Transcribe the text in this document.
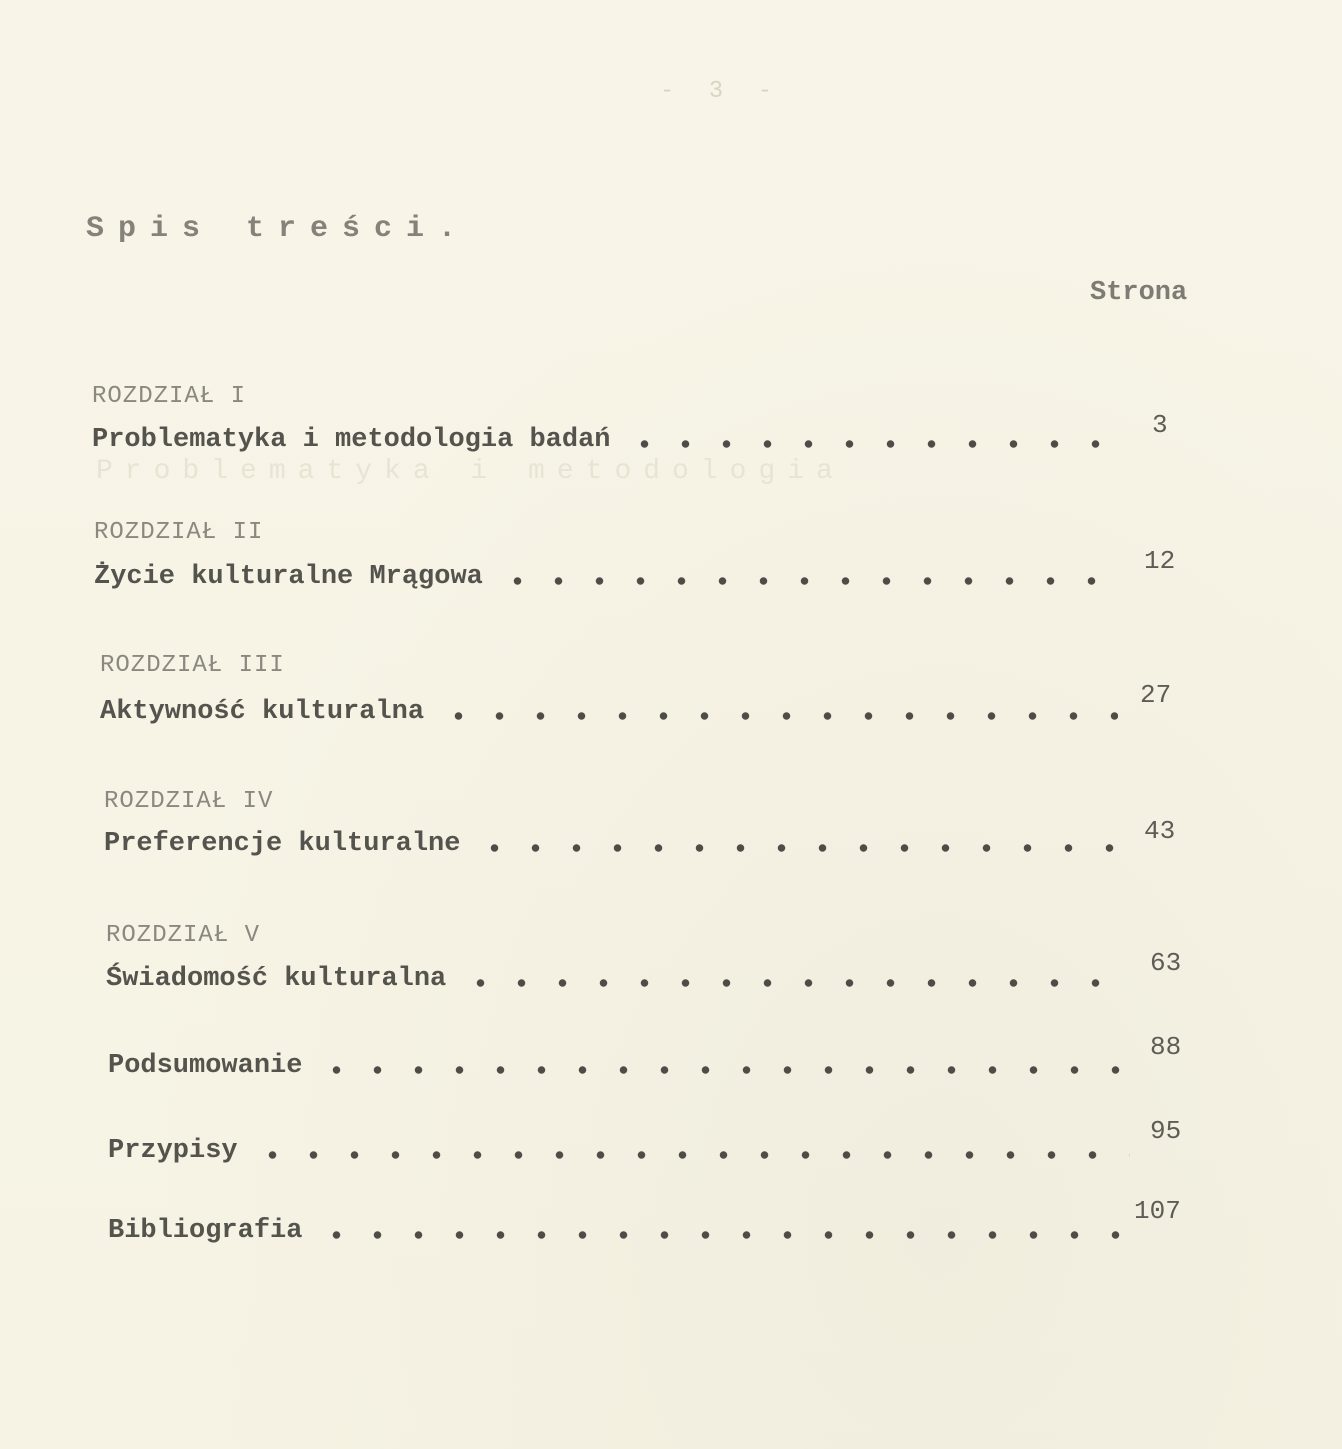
- 3 -
Problematyka i metodologia
Spis treści.
Strona
ROZDZIAŁ I
Problematyka i metodologia badań	3
ROZDZIAŁ II
Życie kulturalne Mrągowa
12
ROZDZIAŁ III
Aktywność kulturalna
27
ROZDZIAŁ IV
Preferencje kulturalne	43
ROZDZIAŁ V
Świadomość kulturalna
63
Podsumowanie
88
Przypisy
95
Bibliografia
107
